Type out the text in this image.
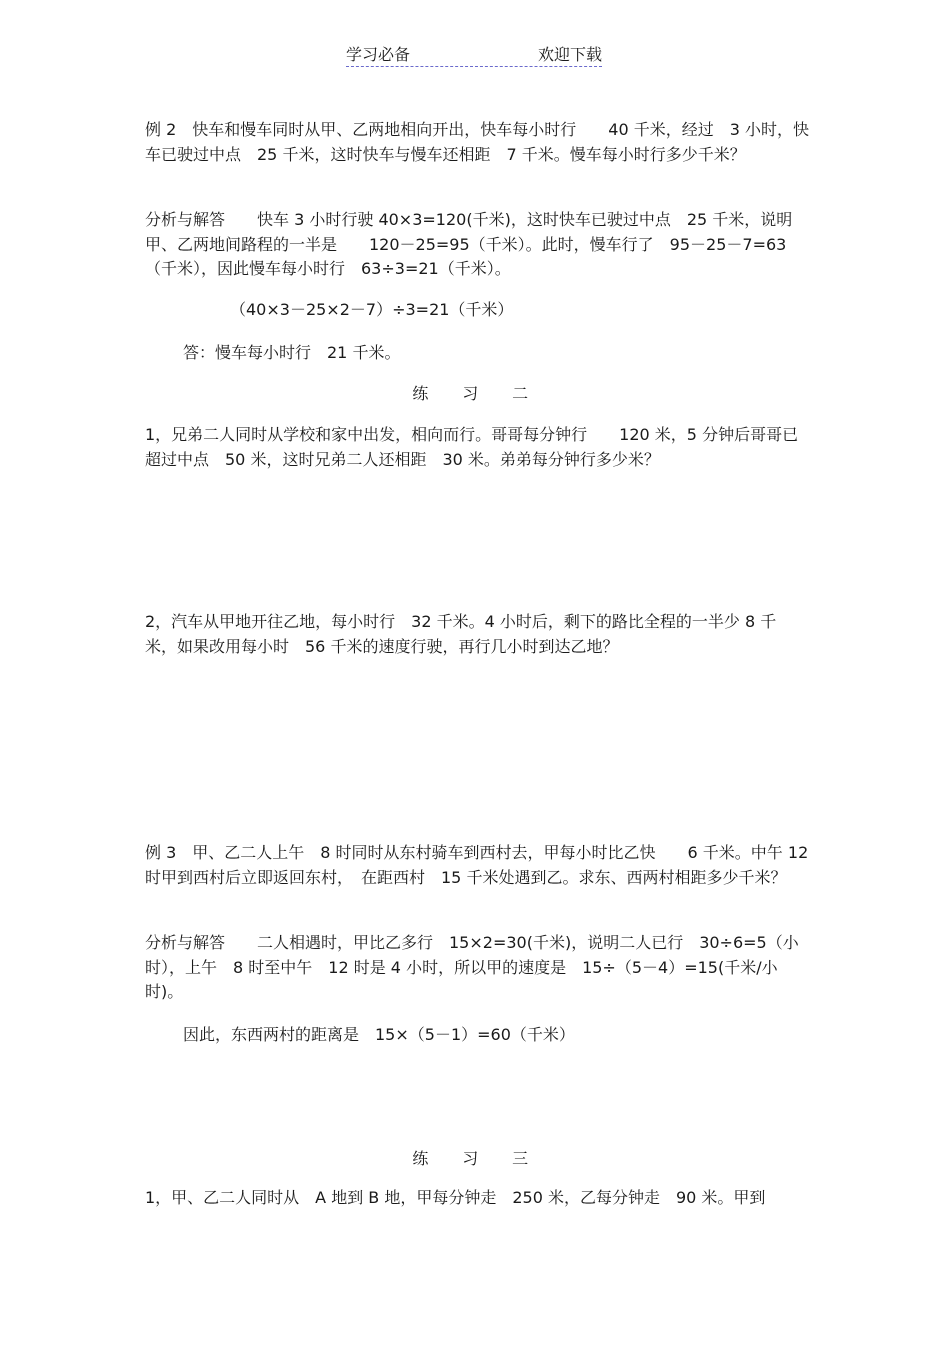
学习必备	欢迎下载

例 2　快车和慢车同时从甲、乙两地相向开出，快车每小时行　　40 千米，经过　3 小时，快车已驶过中点　25 千米，这时快车与慢车还相距　7 千米。慢车每小时行多少千米？

分析与解答　　快车 3 小时行驶 40×3=120(千米)，这时快车已驶过中点　25 千米，说明甲、乙两地间路程的一半是　　120－25=95（千米）。此时，慢车行了　95－25－7=63（千米），因此慢车每小时行　63÷3=21（千米）。

（40×3－25×2－7）÷3=21（千米）

答：慢车每小时行　21 千米。

练 习 二

1，兄弟二人同时从学校和家中出发，相向而行。哥哥每分钟行　　120 米，5 分钟后哥哥已超过中点　50 米，这时兄弟二人还相距　30 米。弟弟每分钟行多少米？

2，汽车从甲地开往乙地，每小时行　32 千米。4 小时后，剩下的路比全程的一半少 8 千米，如果改用每小时　56 千米的速度行驶，再行几小时到达乙地？

例 3　甲、乙二人上午　8 时同时从东村骑车到西村去，甲每小时比乙快　　6 千米。中午 12 时甲到西村后立即返回东村，　在距西村　15 千米处遇到乙。求东、西两村相距多少千米？

分析与解答　　二人相遇时，甲比乙多行　15×2=30(千米)，说明二人已行　30÷6=5（小时），上午　8 时至中午　12 时是 4 小时，所以甲的速度是　15÷（5－4）=15(千米/小时)。

因此，东西两村的距离是　15×（5－1）=60（千米）

练 习 三

1，甲、乙二人同时从　A 地到 B 地，甲每分钟走　250 米，乙每分钟走　90 米。甲到
